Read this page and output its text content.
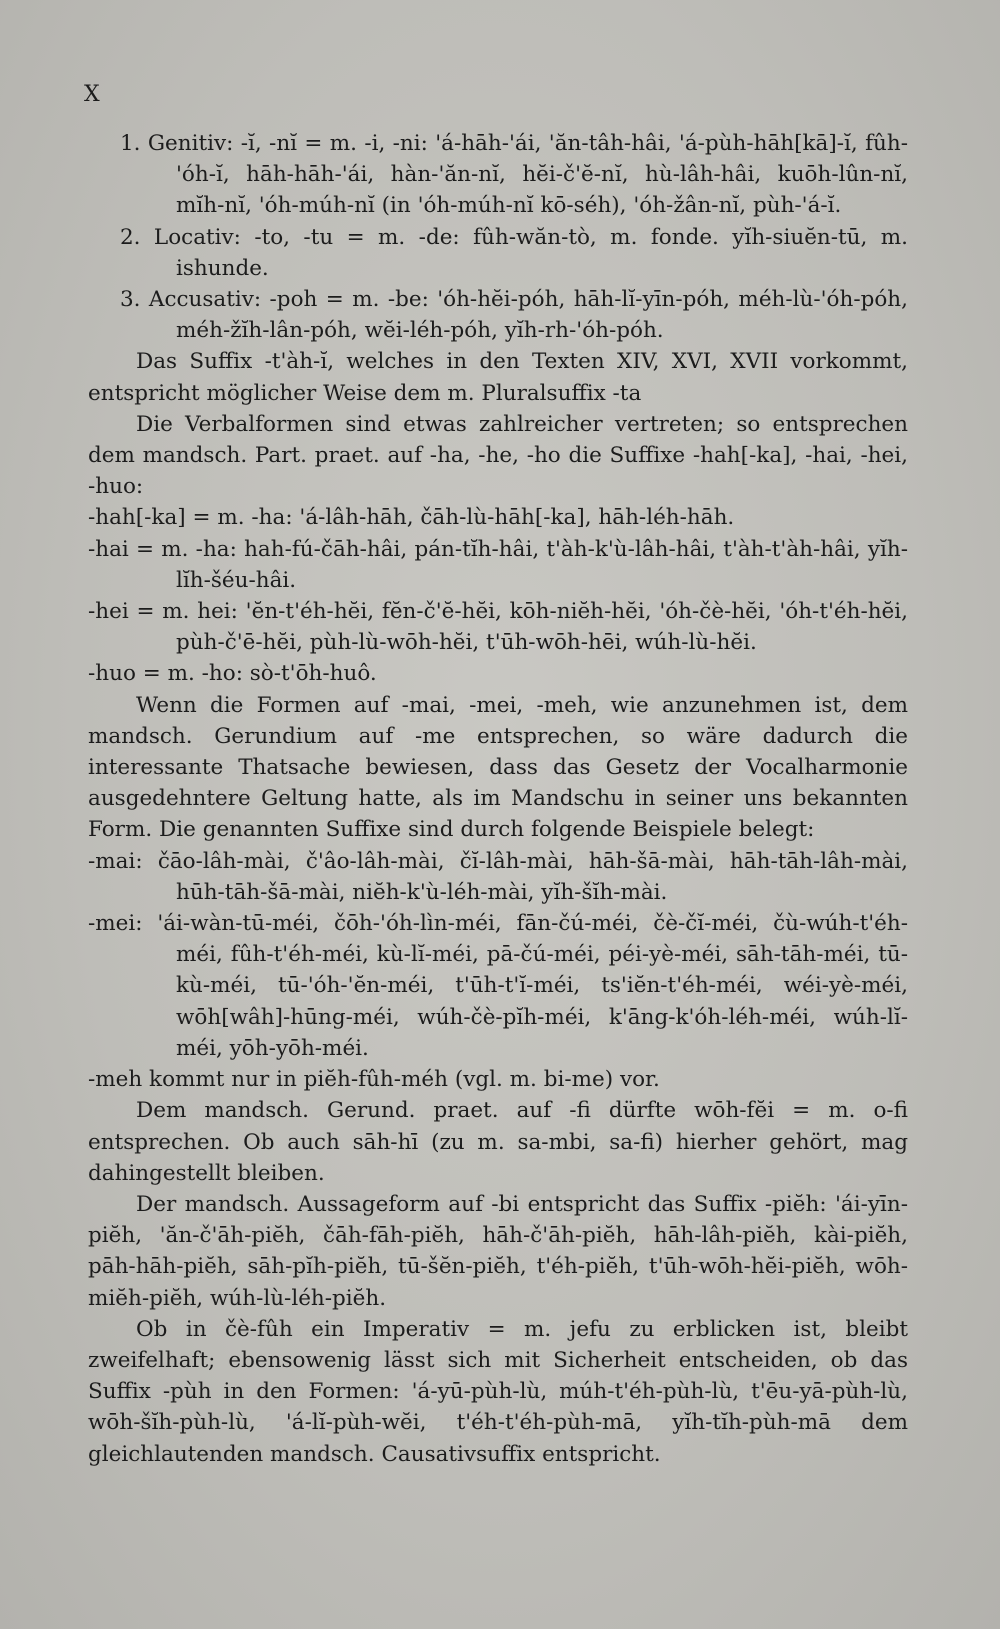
X

1. Genitiv: -ĭ, -nĭ = m. -i, -ni: 'á-hāh-'ái, 'ăn-tâh-hâi, 'á-pùh-hāh[kā]-ĭ, fûh-'óh-ĭ, hāh-hāh-'ái, hàn-'ăn-nĭ, hĕi-č'ĕ-nĭ, hù-lâh-hâi, kuōh-lûn-nĭ, mĭh-nĭ, 'óh-múh-nĭ (in 'óh-múh-nĭ kō-séh), 'óh-žân-nĭ, pùh-'á-ĭ.

2. Locativ: -to, -tu = m. -de: fûh-wăn-tò, m. fonde. yĭh-siuĕn-tū, m. ishunde.

3. Accusativ: -poh = m. -be: 'óh-hĕi-póh, hāh-lĭ-yīn-póh, méh-lù-'óh-póh, méh-žĭh-lân-póh, wĕi-léh-póh, yĭh-rh-'óh-póh.

Das Suffix -t'àh-ĭ, welches in den Texten XIV, XVI, XVII vorkommt, entspricht möglicher Weise dem m. Pluralsuffix -ta

Die Verbalformen sind etwas zahlreicher vertreten; so entsprechen dem mandsch. Part. praet. auf -ha, -he, -ho die Suffixe -hah[-ka], -hai, -hei, -huo:

-hah[-ka] = m. -ha: 'á-lâh-hāh, čāh-lù-hāh[-ka], hāh-léh-hāh.

-hai = m. -ha: hah-fú-čāh-hâi, pán-tĭh-hâi, t'àh-k'ù-lâh-hâi, t'àh-t'àh-hâi, yĭh-lĭh-šéu-hâi.

-hei = m. hei: 'ĕn-t'éh-hĕi, fĕn-č'ĕ-hĕi, kōh-niĕh-hĕi, 'óh-čè-hĕi, 'óh-t'éh-hĕi, pùh-č'ē-hĕi, pùh-lù-wōh-hĕi, t'ūh-wōh-hēi, wúh-lù-hĕi.

-huo = m. -ho: sò-t'ōh-huô.

Wenn die Formen auf -mai, -mei, -meh, wie anzunehmen ist, dem mandsch. Gerundium auf -me entsprechen, so wäre dadurch die interessante Thatsache bewiesen, dass das Gesetz der Vocalharmonie ausgedehntere Geltung hatte, als im Mandschu in seiner uns bekannten Form. Die genannten Suffixe sind durch folgende Beispiele belegt:

-mai: čāo-lâh-mài, č'âo-lâh-mài, čĭ-lâh-mài, hāh-šā-mài, hāh-tāh-lâh-mài, hūh-tāh-šā-mài, niĕh-k'ù-léh-mài, yĭh-šĭh-mài.

-mei: 'ái-wàn-tū-méi, čōh-'óh-lìn-méi, fān-čú-méi, čè-čĭ-méi, čù-wúh-t'éh-méi, fûh-t'éh-méi, kù-lĭ-méi, pā-čú-méi, péi-yè-méi, sāh-tāh-méi, tū-kù-méi, tū-'óh-'ĕn-méi, t'ūh-t'ĭ-méi, ts'iĕn-t'éh-méi, wéi-yè-méi, wōh[wâh]-hūng-méi, wúh-čè-pĭh-méi, k'āng-k'óh-léh-méi, wúh-lĭ-méi, yōh-yōh-méi.

-meh kommt nur in piĕh-fûh-méh (vgl. m. bi-me) vor.

Dem mandsch. Gerund. praet. auf -fi dürfte wōh-fĕi = m. o-fi entsprechen. Ob auch sāh-hī (zu m. sa-mbi, sa-fi) hierher gehört, mag dahingestellt bleiben.

Der mandsch. Aussageform auf -bi entspricht das Suffix -piĕh: 'ái-yīn-piĕh, 'ăn-č'āh-piĕh, čāh-fāh-piĕh, hāh-č'āh-piĕh, hāh-lâh-piĕh, kài-piĕh, pāh-hāh-piĕh, sāh-pĭh-piĕh, tū-šĕn-piĕh, t'éh-piĕh, t'ūh-wōh-hĕi-piĕh, wōh-miĕh-piĕh, wúh-lù-léh-piĕh.

Ob in čè-fûh ein Imperativ = m. jefu zu erblicken ist, bleibt zweifelhaft; ebensowenig lässt sich mit Sicherheit entscheiden, ob das Suffix -pùh in den Formen: 'á-yū-pùh-lù, múh-t'éh-pùh-lù, t'ēu-yā-pùh-lù, wōh-šĭh-pùh-lù, 'á-lĭ-pùh-wĕi, t'éh-t'éh-pùh-mā, yĭh-tĭh-pùh-mā dem gleichlautenden mandsch. Causativsuffix entspricht.
